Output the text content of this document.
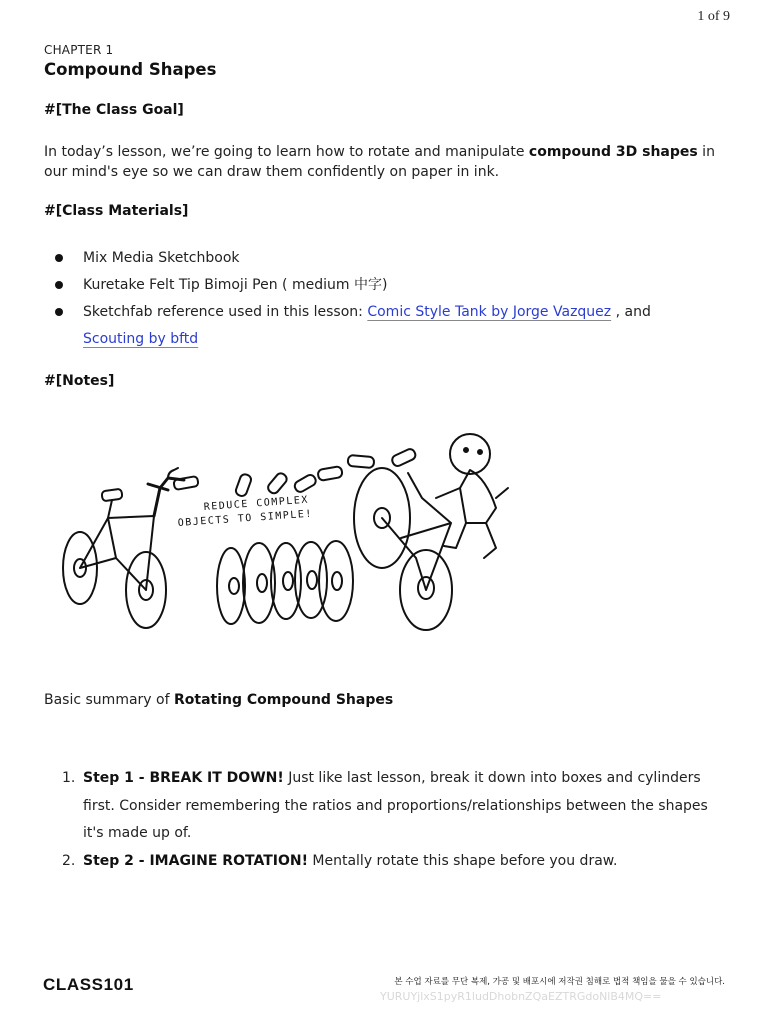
1 of 9
CHAPTER 1
Compound Shapes
#[The Class Goal]
In today’s lesson, we’re going to learn how to rotate and manipulate compound 3D shapes in our mind's eye so we can draw them confidently on paper in ink.
#[Class Materials]
Mix Media Sketchbook
Kuretake Felt Tip Bimoji Pen ( medium 中字)
Sketchfab reference used in this lesson: Comic Style Tank by Jorge Vazquez , and
Scouting by bftd
#[Notes]
REDUCE COMPLEX
OBJECTS TO SIMPLE!
Basic summary of Rotating Compound Shapes
1. Step 1 - BREAK IT DOWN! Just like last lesson, break it down into boxes and cylinders first. Consider remembering the ratios and proportions/relationships between the shapes it's made up of.
2. Step 2 - IMAGINE ROTATION! Mentally rotate this shape before you draw.
CLASS101	본 수업 자료를 무단 복제, 가공 및 배포시에 저작권 침해로 법적 책임을 물을 수 있습니다.
YURUYjlxS1pyR1ludDhobnZQaEZTRGdoNlB4MQ==
